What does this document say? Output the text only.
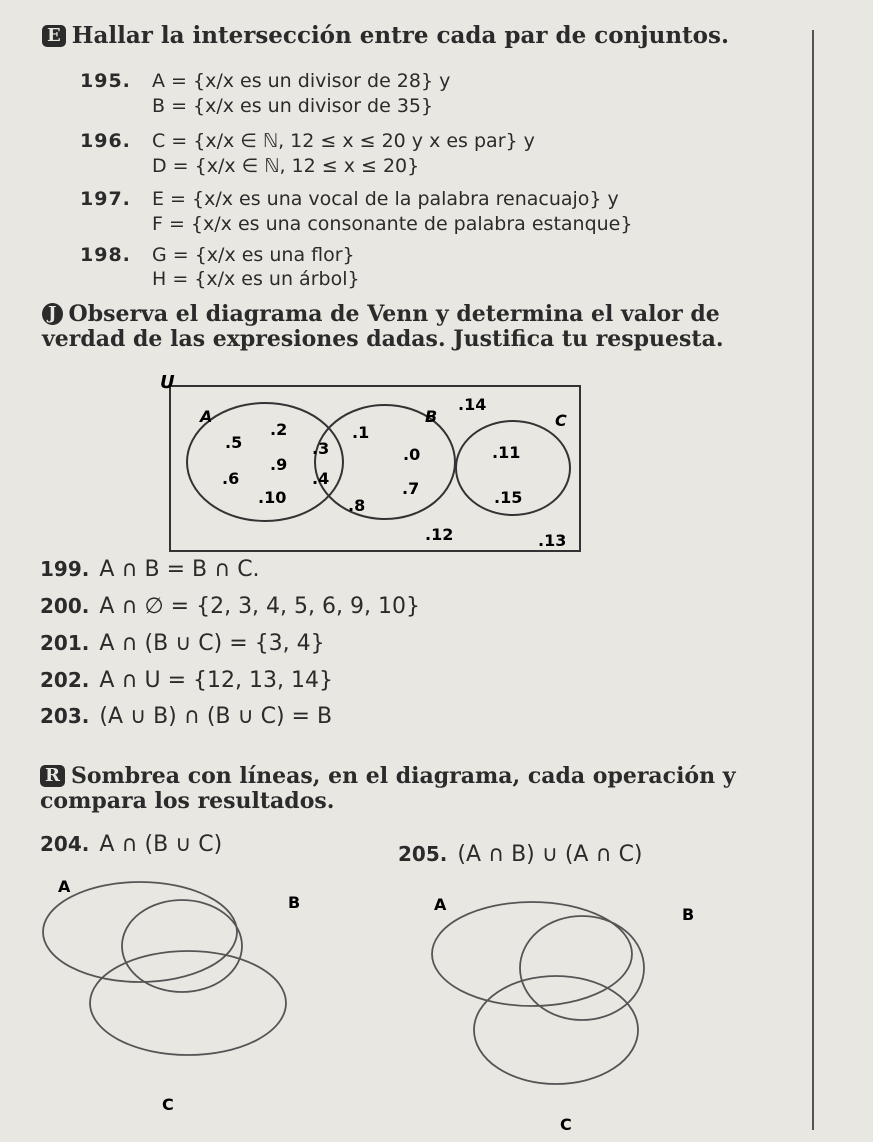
E Hallar la intersección entre cada par de conjuntos.
195. A = {x/x es un divisor de 28} y
B = {x/x es un divisor de 35}
196. C = {x/x ∈ ℕ, 12 ≤ x ≤ 20 y x es par} y
D = {x/x ∈ ℕ, 12 ≤ x ≤ 20}
197. E = {x/x es una vocal de la palabra renacuajo} y
F = {x/x es una consonante de palabra estanque}
198. G = {x/x es una flor}
H = {x/x es un árbol}
J Observa el diagrama de Venn y determina el valor de verdad de las expresiones dadas. Justifica tu respuesta.
U
A	B	C
.2
.5	.3
.1
.9
.6	.4
.0
.10	.8
.7
.14
.11
.15
.12	.13
199. A ∩ B = B ∩ C.
200. A ∩ ∅ = {2, 3, 4, 5, 6, 9, 10}
201. A ∩ (B ∪ C) = {3, 4}
202. A ∩ U = {12, 13, 14}
203. (A ∪ B) ∩ (B ∪ C) = B
R Sombrea con líneas, en el diagrama, cada operación y compara los resultados.
204. A ∩ (B ∪ C)	205. (A ∩ B) ∪ (A ∩ C)
A
B
C
A
B
C
